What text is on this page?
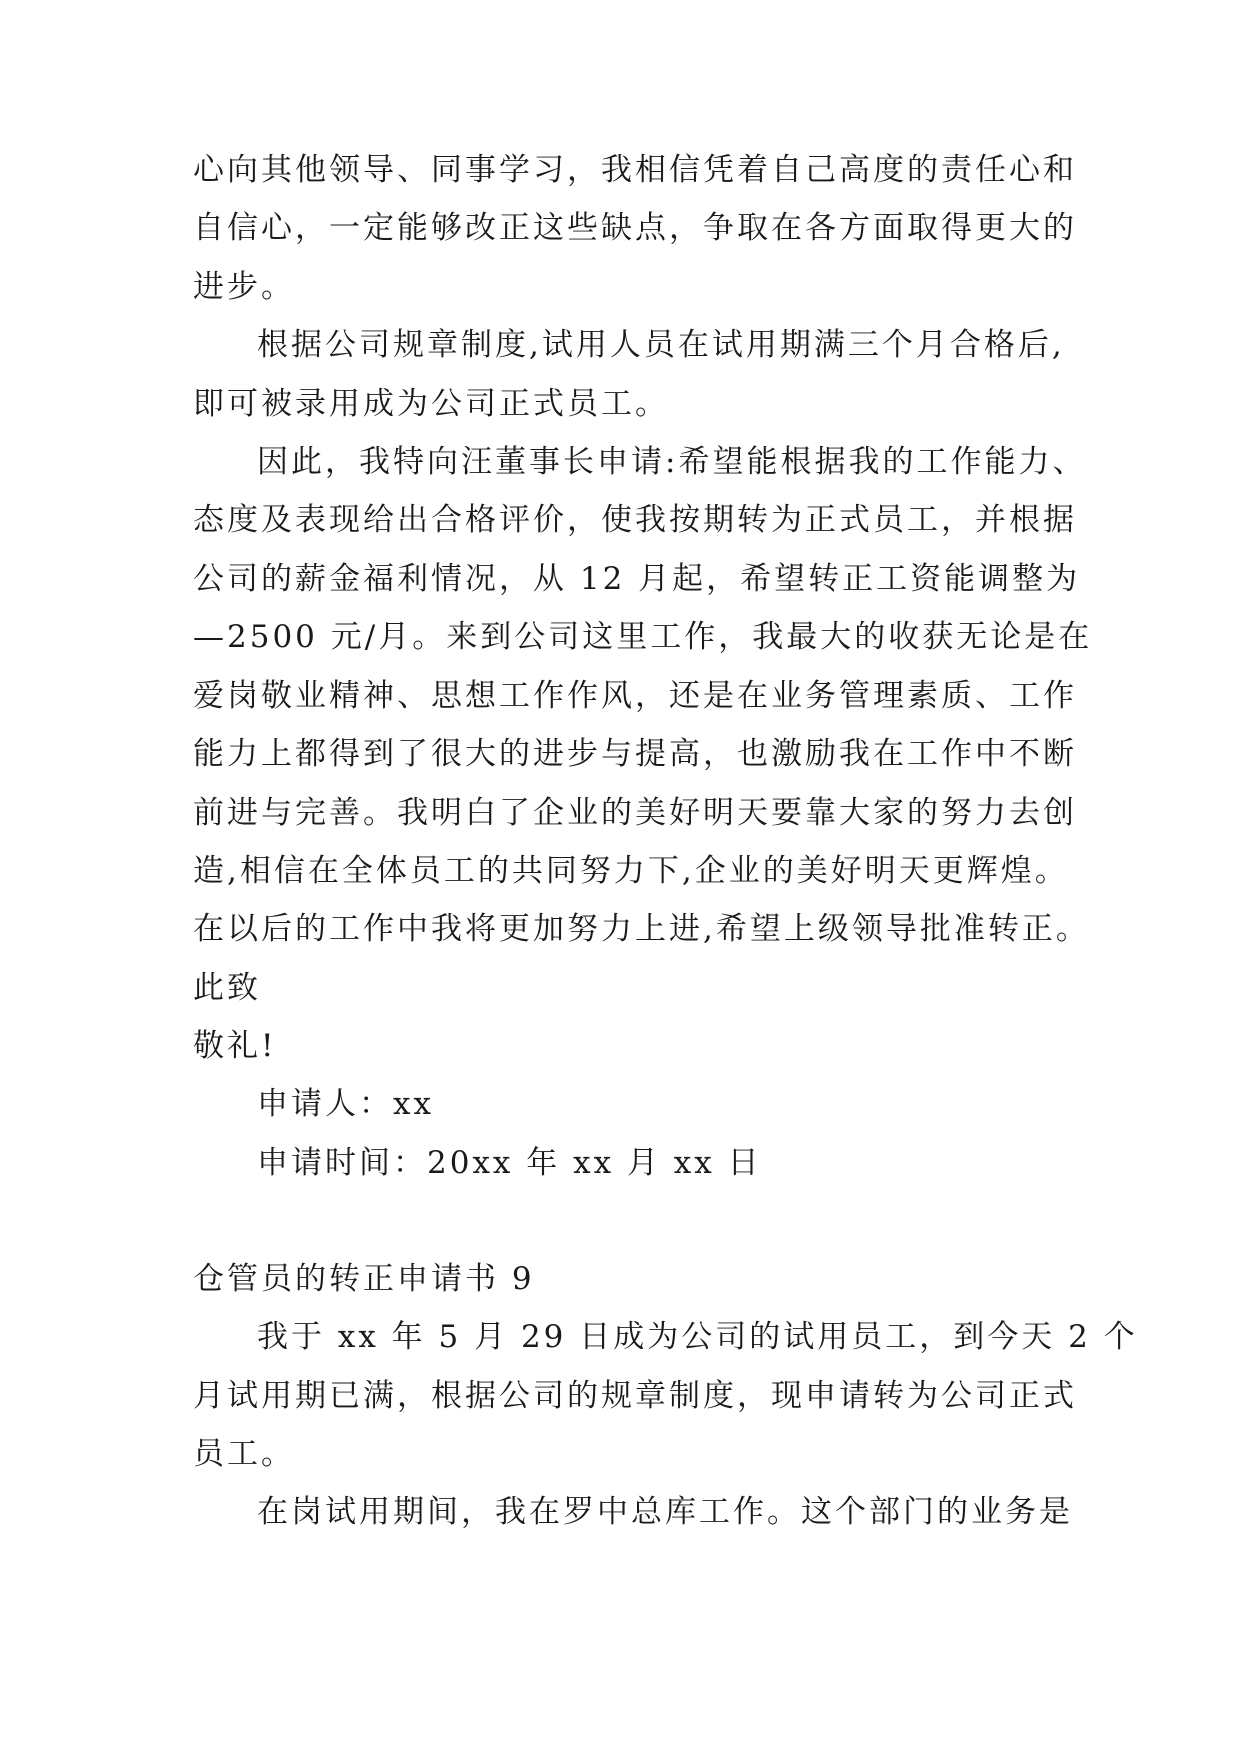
心向其他领导、同事学习，我相信凭着自己高度的责任心和
自信心，一定能够改正这些缺点，争取在各方面取得更大的
进步。
根据公司规章制度,试用人员在试用期满三个月合格后,
即可被录用成为公司正式员工。
因此，我特向汪董事长申请:希望能根据我的工作能力、
态度及表现给出合格评价，使我按期转为正式员工，并根据
公司的薪金福利情况，从 12 月起，希望转正工资能调整为
—2500 元/月。来到公司这里工作，我最大的收获无论是在
爱岗敬业精神、思想工作作风，还是在业务管理素质、工作
能力上都得到了很大的进步与提高，也激励我在工作中不断
前进与完善。我明白了企业的美好明天要靠大家的努力去创
造,相信在全体员工的共同努力下,企业的美好明天更辉煌。
在以后的工作中我将更加努力上进,希望上级领导批准转正。
此致
敬礼!
申请人：xx
申请时间：20xx 年 xx 月 xx 日
仓管员的转正申请书 9
我于 xx 年 5 月 29 日成为公司的试用员工，到今天 2 个
月试用期已满，根据公司的规章制度，现申请转为公司正式
员工。
在岗试用期间，我在罗中总库工作。这个部门的业务是
